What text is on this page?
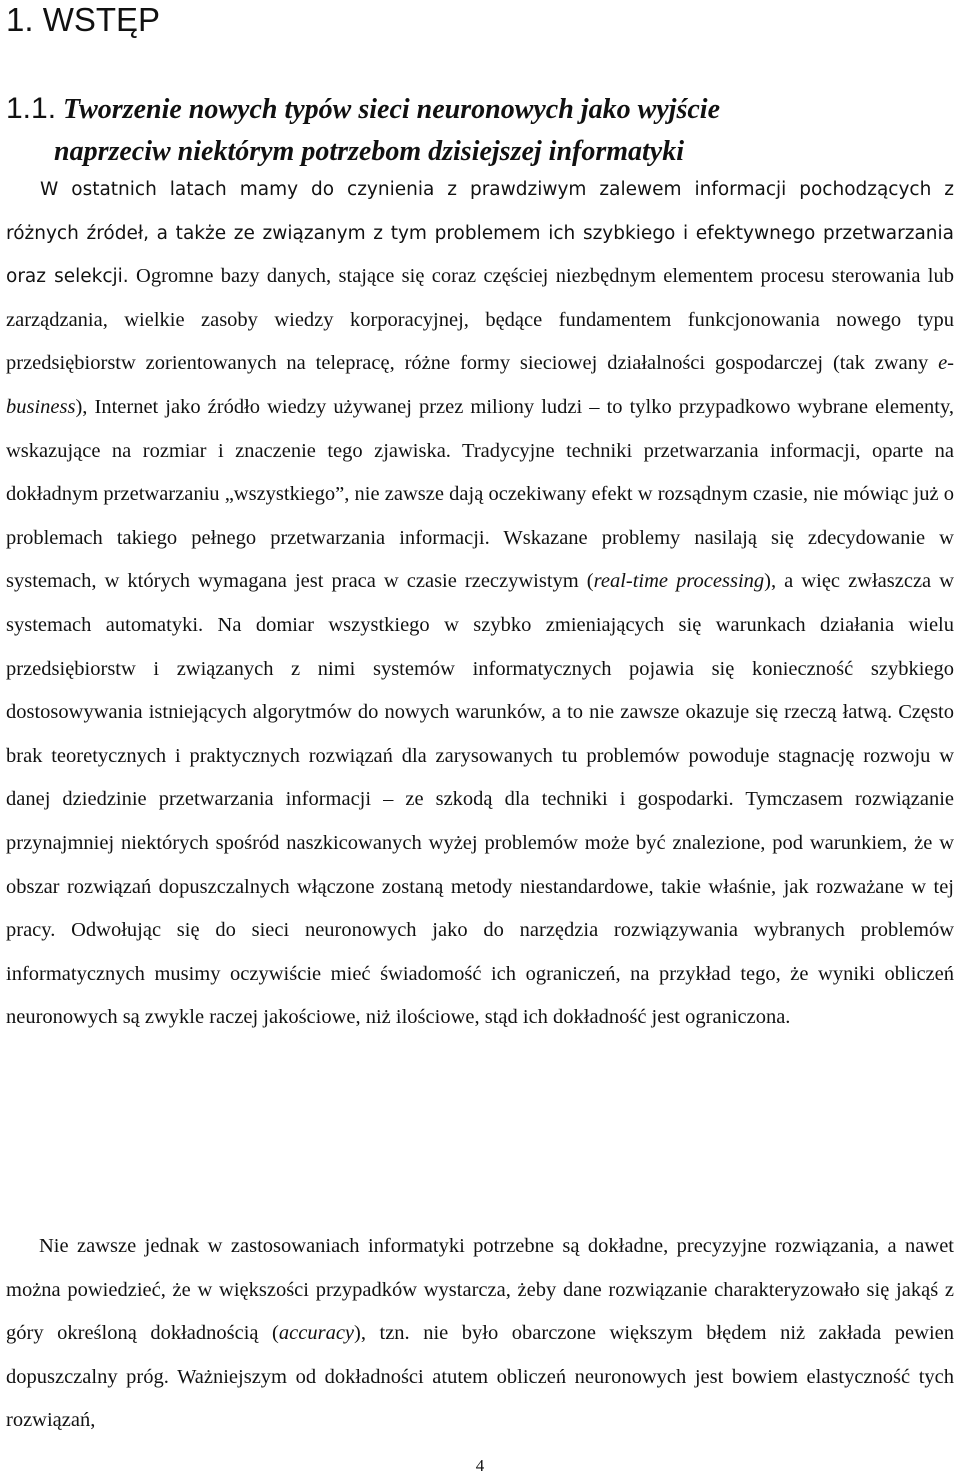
1. WSTĘP
1.1. Tworzenie nowych typów sieci neuronowych jako wyjście
naprzeciw niektórym potrzebom dzisiejszej informatyki

W ostatnich latach mamy do czynienia z prawdziwym zalewem informacji pochodzących z różnych źródeł, a także ze związanym z tym problemem ich szybkiego i efektywnego przetwarzania oraz selekcji. Ogromne bazy danych, stające się coraz częściej niezbędnym elementem procesu sterowania lub zarządzania, wielkie zasoby wiedzy korporacyjnej, będące fundamentem funkcjonowania nowego typu przedsiębiorstw zorientowanych na telepracę, różne formy sieciowej działalności gospodarczej (tak zwany e-business), Internet jako źródło wiedzy używanej przez miliony ludzi – to tylko przypadkowo wybrane elementy, wskazujące na rozmiar i znaczenie tego zjawiska. Tradycyjne techniki przetwarzania informacji, oparte na dokładnym przetwarzaniu „wszystkiego”, nie zawsze dają oczekiwany efekt w rozsądnym czasie, nie mówiąc już o problemach takiego pełnego przetwarzania informacji. Wskazane problemy nasilają się zdecydowanie w systemach, w których wymagana jest praca w czasie rzeczywistym (real-time processing), a więc zwłaszcza w systemach automatyki. Na domiar wszystkiego w szybko zmieniających się warunkach działania wielu przedsiębiorstw i związanych z nimi systemów informatycznych pojawia się konieczność szybkiego dostosowywania istniejących algorytmów do nowych warunków, a to nie zawsze okazuje się rzeczą łatwą. Często brak teoretycznych i praktycznych rozwiązań dla zarysowanych tu problemów powoduje stagnację rozwoju w danej dziedzinie przetwarzania informacji – ze szkodą dla techniki i gospodarki. Tymczasem rozwiązanie przynajmniej niektórych spośród naszkicowanych wyżej problemów może być znalezione, pod warunkiem, że w obszar rozwiązań dopuszczalnych włączone zostaną metody niestandardowe, takie właśnie, jak rozważane w tej pracy. Odwołując się do sieci neuronowych jako do narzędzia rozwiązywania wybranych problemów informatycznych musimy oczywiście mieć świadomość ich ograniczeń, na przykład tego, że wyniki obliczeń neuronowych są zwykle raczej jakościowe, niż ilościowe, stąd ich dokładność jest ograniczona.

Nie zawsze jednak w zastosowaniach informatyki potrzebne są dokładne, precyzyjne rozwiązania, a nawet można powiedzieć, że w większości przypadków wystarcza, żeby dane rozwiązanie charakteryzowało się jakąś z góry określoną dokładnością (accuracy), tzn. nie było obarczone większym błędem niż zakłada pewien dopuszczalny próg. Ważniejszym od dokładności atutem obliczeń neuronowych jest bowiem elastyczność tych rozwiązań,

4
